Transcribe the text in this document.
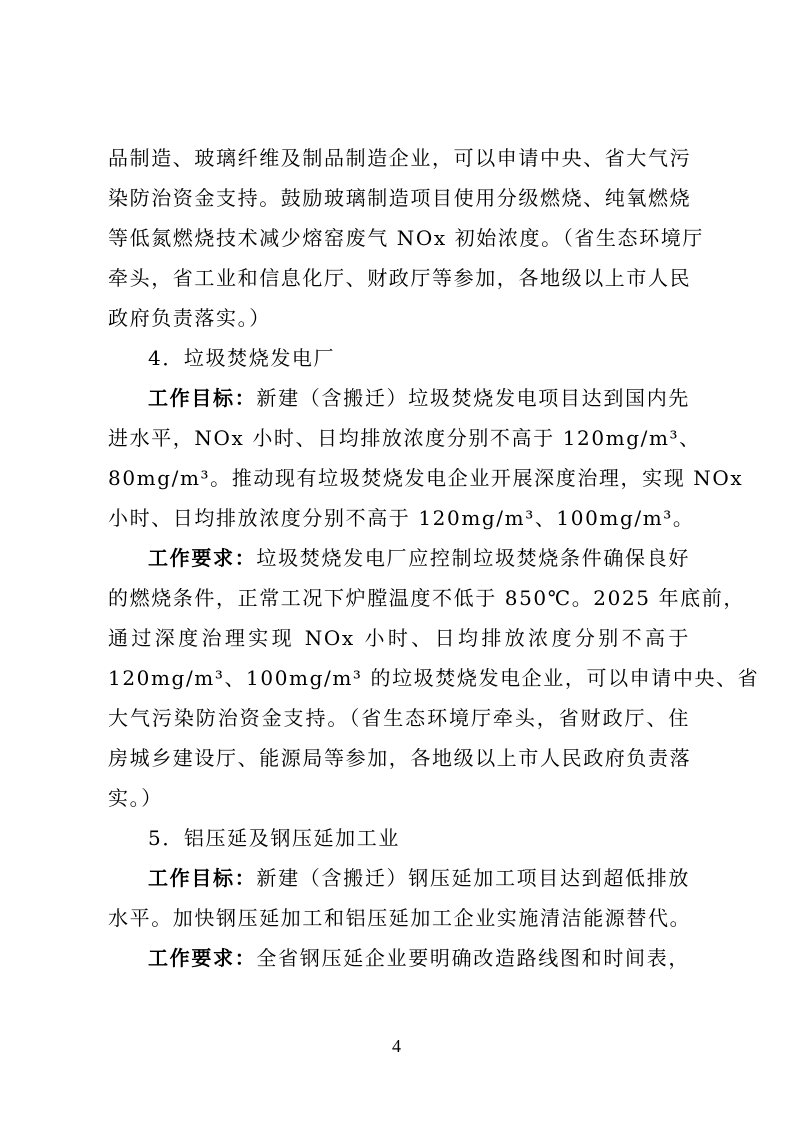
品制造、玻璃纤维及制品制造企业，可以申请中央、省大气污
染防治资金支持。鼓励玻璃制造项目使用分级燃烧、纯氧燃烧
等低氮燃烧技术减少熔窑废气 NOx 初始浓度。（省生态环境厅
牵头，省工业和信息化厅、财政厅等参加，各地级以上市人民
政府负责落实。）
4．垃圾焚烧发电厂
工作目标：新建（含搬迁）垃圾焚烧发电项目达到国内先
进水平，NOx 小时、日均排放浓度分别不高于 120mg/m³、
80mg/m³。推动现有垃圾焚烧发电企业开展深度治理，实现 NOx
小时、日均排放浓度分别不高于 120mg/m³、100mg/m³。
工作要求：垃圾焚烧发电厂应控制垃圾焚烧条件确保良好
的燃烧条件，正常工况下炉膛温度不低于 850℃。2025 年底前，
通过深度治理实现 NOx 小时、日均排放浓度分别不高于
120mg/m³、100mg/m³ 的垃圾焚烧发电企业，可以申请中央、省
大气污染防治资金支持。（省生态环境厅牵头，省财政厅、住
房城乡建设厅、能源局等参加，各地级以上市人民政府负责落
实。）
5．铝压延及钢压延加工业
工作目标：新建（含搬迁）钢压延加工项目达到超低排放
水平。加快钢压延加工和铝压延加工企业实施清洁能源替代。
工作要求：全省钢压延企业要明确改造路线图和时间表，
4
